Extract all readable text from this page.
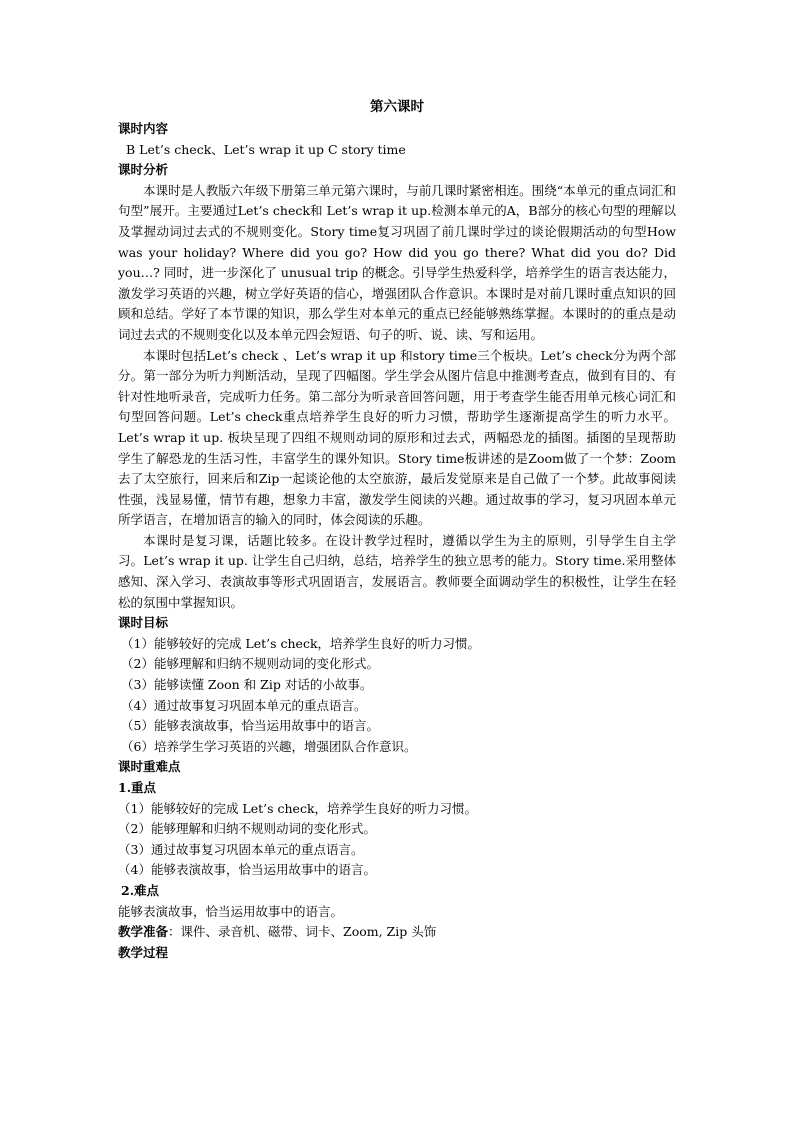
第六课时
课时内容
B Let’s check、Let’s wrap it up C story time
课时分析
本课时是人教版六年级下册第三单元第六课时，与前几课时紧密相连。围绕“本单元的重点词汇和句型”展开。主要通过Let’s check和 Let’s wrap it up.检测本单元的A，B部分的核心句型的理解以及掌握动词过去式的不规则变化。Story time复习巩固了前几课时学过的谈论假期活动的句型How was your holiday? Where did you go? How did you go there? What did you do? Did you…? 同时，进一步深化了 unusual trip 的概念。引导学生热爱科学，培养学生的语言表达能力，激发学习英语的兴趣，树立学好英语的信心，增强团队合作意识。本课时是对前几课时重点知识的回顾和总结。学好了本节课的知识，那么学生对本单元的重点已经能够熟练掌握。本课时的的重点是动词过去式的不规则变化以及本单元四会短语、句子的听、说、读、写和运用。
本课时包括Let’s check 、Let’s wrap it up 和story time三个板块。Let’s check分为两个部分。第一部分为听力判断活动，呈现了四幅图。学生学会从图片信息中推测考查点，做到有目的、有针对性地听录音，完成听力任务。第二部分为听录音回答问题，用于考查学生能否用单元核心词汇和句型回答问题。Let’s check重点培养学生良好的听力习惯，帮助学生逐渐提高学生的听力水平。Let’s wrap it up. 板块呈现了四组不规则动词的原形和过去式，两幅恐龙的插图。插图的呈现帮助学生了解恐龙的生活习性，丰富学生的课外知识。Story time板讲述的是Zoom做了一个梦：Zoom去了太空旅行，回来后和Zip一起谈论他的太空旅游，最后发觉原来是自己做了一个梦。此故事阅读性强，浅显易懂，情节有趣，想象力丰富，激发学生阅读的兴趣。通过故事的学习，复习巩固本单元所学语言，在增加语言的输入的同时，体会阅读的乐趣。
本课时是复习课，话题比较多。在设计教学过程时，遵循以学生为主的原则，引导学生自主学习。Let’s wrap it up. 让学生自己归纳，总结，培养学生的独立思考的能力。Story time.采用整体感知、深入学习、表演故事等形式巩固语言，发展语言。教师要全面调动学生的积极性，让学生在轻松的氛围中掌握知识。
课时目标
（1）能够较好的完成 Let’s check，培养学生良好的听力习惯。
（2）能够理解和归纳不规则动词的变化形式。
（3）能够读懂 Zoon 和 Zip 对话的小故事。
（4）通过故事复习巩固本单元的重点语言。
（5）能够表演故事，恰当运用故事中的语言。
（6）培养学生学习英语的兴趣，增强团队合作意识。
课时重难点
1.重点
（1）能够较好的完成 Let’s check，培养学生良好的听力习惯。
（2）能够理解和归纳不规则动词的变化形式。
（3）通过故事复习巩固本单元的重点语言。
（4）能够表演故事，恰当运用故事中的语言。
2.难点
能够表演故事，恰当运用故事中的语言。
教学准备：课件、录音机、磁带、词卡、Zoom, Zip 头饰
教学过程
